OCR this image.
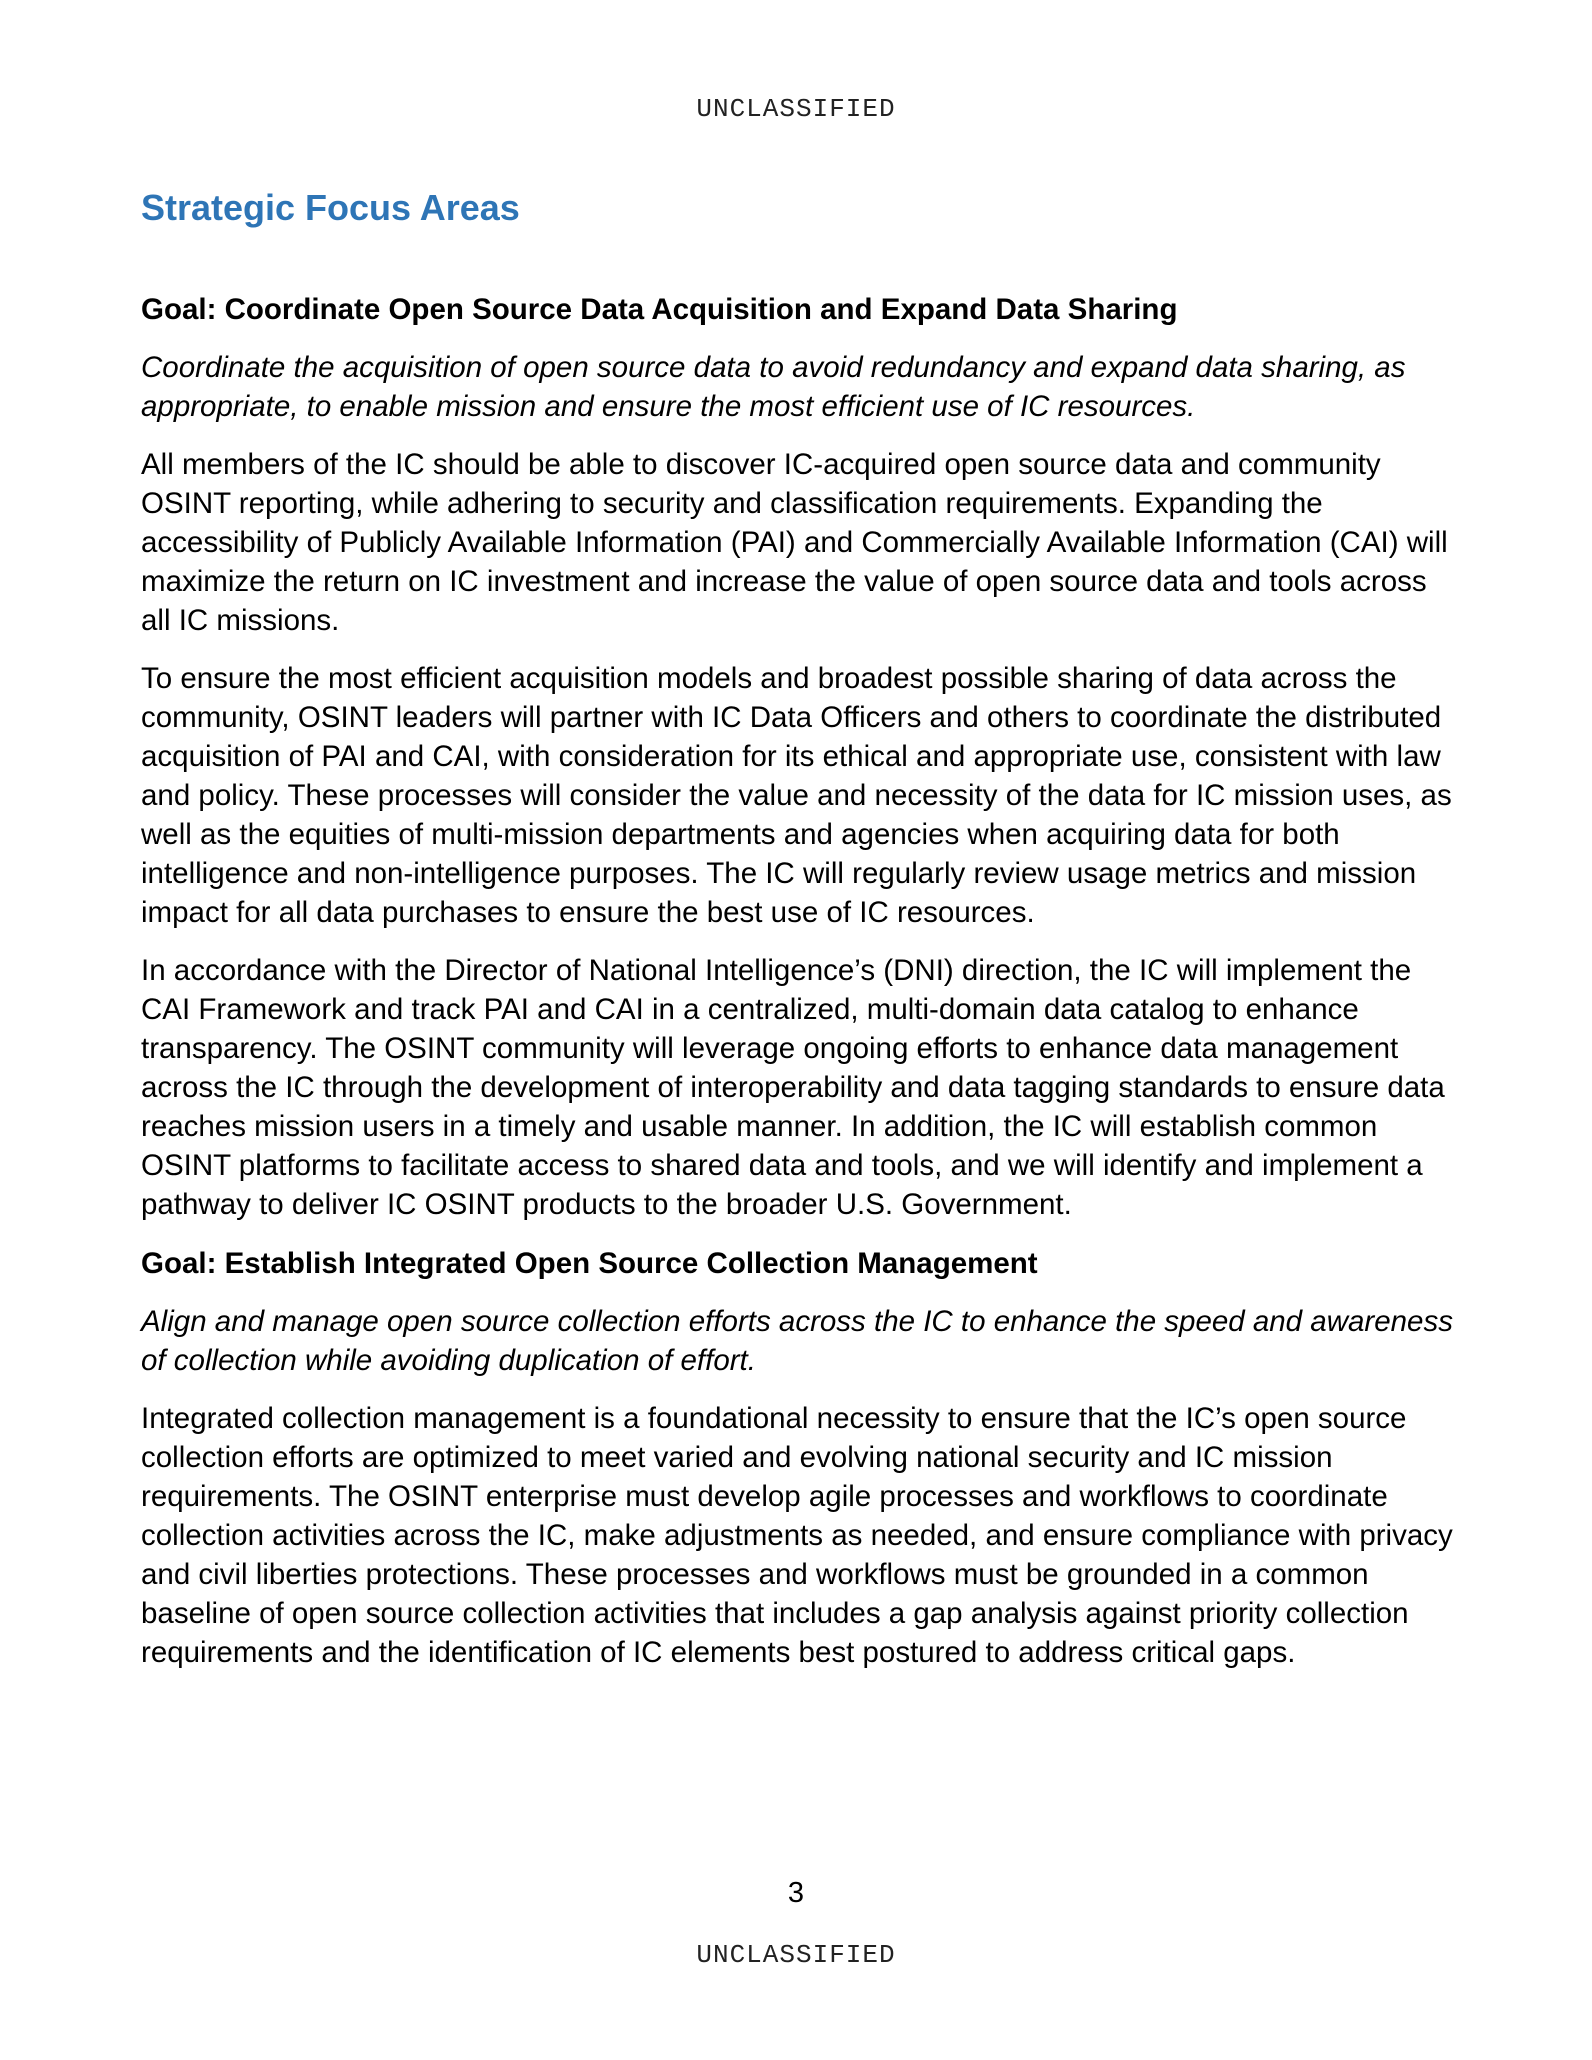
UNCLASSIFIED
Strategic Focus Areas
Goal: Coordinate Open Source Data Acquisition and Expand Data Sharing

Coordinate the acquisition of open source data to avoid redundancy and expand data sharing, as appropriate, to enable mission and ensure the most efficient use of IC resources.

All members of the IC should be able to discover IC-acquired open source data and community OSINT reporting, while adhering to security and classification requirements. Expanding the accessibility of Publicly Available Information (PAI) and Commercially Available Information (CAI) will maximize the return on IC investment and increase the value of open source data and tools across all IC missions.

To ensure the most efficient acquisition models and broadest possible sharing of data across the community, OSINT leaders will partner with IC Data Officers and others to coordinate the distributed acquisition of PAI and CAI, with consideration for its ethical and appropriate use, consistent with law and policy. These processes will consider the value and necessity of the data for IC mission uses, as well as the equities of multi-mission departments and agencies when acquiring data for both intelligence and non-intelligence purposes. The IC will regularly review usage metrics and mission impact for all data purchases to ensure the best use of IC resources.

In accordance with the Director of National Intelligence’s (DNI) direction, the IC will implement the CAI Framework and track PAI and CAI in a centralized, multi-domain data catalog to enhance transparency. The OSINT community will leverage ongoing efforts to enhance data management across the IC through the development of interoperability and data tagging standards to ensure data reaches mission users in a timely and usable manner. In addition, the IC will establish common OSINT platforms to facilitate access to shared data and tools, and we will identify and implement a pathway to deliver IC OSINT products to the broader U.S. Government.

Goal: Establish Integrated Open Source Collection Management

Align and manage open source collection efforts across the IC to enhance the speed and awareness of collection while avoiding duplication of effort.

Integrated collection management is a foundational necessity to ensure that the IC’s open source collection efforts are optimized to meet varied and evolving national security and IC mission requirements. The OSINT enterprise must develop agile processes and workflows to coordinate collection activities across the IC, make adjustments as needed, and ensure compliance with privacy and civil liberties protections. These processes and workflows must be grounded in a common baseline of open source collection activities that includes a gap analysis against priority collection requirements and the identification of IC elements best postured to address critical gaps.

3
UNCLASSIFIED
